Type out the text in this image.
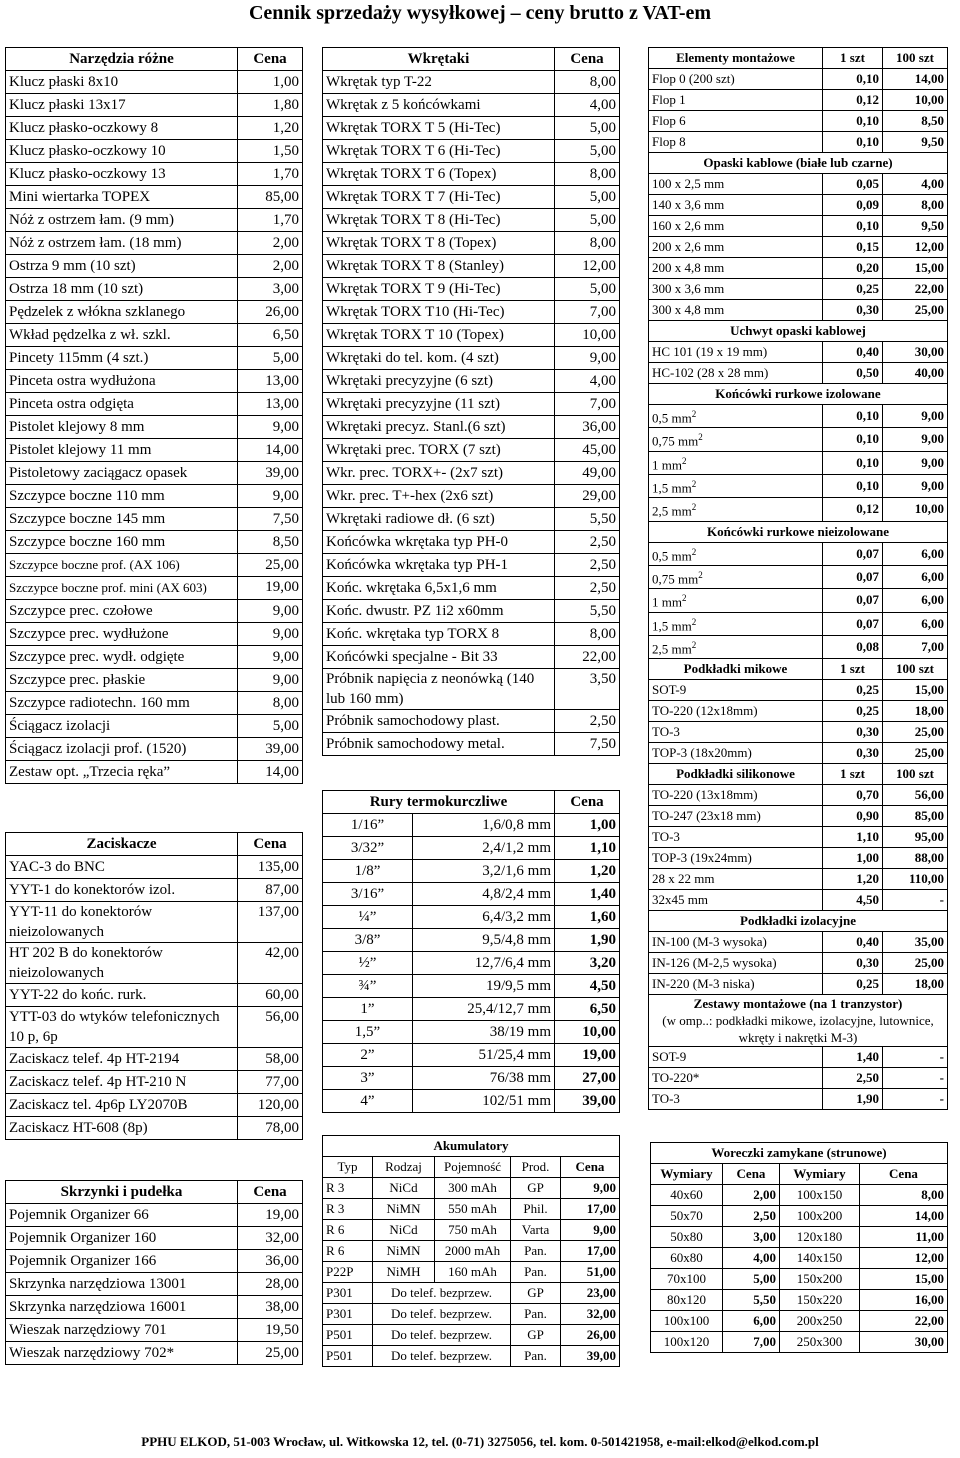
Cennik sprzedaży wysyłkowej – ceny brutto z VAT-em
Narzędzia różne	Cena
Klucz płaski 8x10	1,00
Klucz płaski 13x17	1,80
Klucz płasko-oczkowy 8	1,20
Klucz płasko-oczkowy 10	1,50
Klucz płasko-oczkowy 13	1,70
Mini wiertarka TOPEX	85,00
Nóż z ostrzem łam. (9 mm)	1,70
Nóż z ostrzem łam. (18 mm)	2,00
Ostrza 9 mm (10 szt)	2,00
Ostrza 18 mm (10 szt)	3,00
Pędzelek z włókna szklanego	26,00
Wkład pędzelka z wł. szkl.	6,50
Pincety 115mm (4 szt.)	5,00
Pinceta ostra wydłużona	13,00
Pinceta ostra odgięta	13,00
Pistolet klejowy 8 mm	9,00
Pistolet klejowy 11 mm	14,00
Pistoletowy zaciągacz opasek	39,00
Szczypce boczne 110 mm	9,00
Szczypce boczne 145 mm	7,50
Szczypce boczne 160 mm	8,50
Szczypce boczne prof. (AX 106)	25,00
Szczypce boczne prof. mini (AX 603)	19,00
Szczypce prec. czołowe	9,00
Szczypce prec. wydłużone	9,00
Szczypce prec. wydł. odgięte	9,00
Szczypce prec. płaskie	9,00
Szczypce radiotechn. 160 mm	8,00
Ściągacz izolacji	5,00
Ściągacz izolacji prof. (1520)	39,00
Zestaw opt. „Trzecia ręka”	14,00
Zaciskacze	Cena
YAC-3 do BNC	135,00
YYT-1 do konektorów izol.	87,00
YYT-11 do konektorów nieizolowanych	137,00
HT 202 B do konektorów nieizolowanych	42,00
YYT-22 do końc. rurk.	60,00
YTT-03 do wtyków telefonicznych 10 p, 6p	56,00
Zaciskacz telef. 4p HT-2194	58,00
Zaciskacz telef. 4p HT-210 N	77,00
Zaciskacz tel. 4p6p LY2070B	120,00
Zaciskacz HT-608 (8p)	78,00
Skrzynki i pudełka	Cena
Pojemnik Organizer 66	19,00
Pojemnik Organizer 160	32,00
Pojemnik Organizer 166	36,00
Skrzynka narzędziowa 13001	28,00
Skrzynka narzędziowa 16001	38,00
Wieszak narzędziowy 701	19,50
Wieszak narzędziowy 702*	25,00
Wkrętaki	Cena
Wkrętak typ T-22	8,00
Wkrętak z 5 końcówkami	4,00
Wkrętak TORX T 5 (Hi-Tec)	5,00
Wkrętak TORX T 6 (Hi-Tec)	5,00
Wkrętak TORX T 6 (Topex)	8,00
Wkrętak TORX T 7 (Hi-Tec)	5,00
Wkrętak TORX T 8 (Hi-Tec)	5,00
Wkrętak TORX T 8 (Topex)	8,00
Wkrętak TORX T 8 (Stanley)	12,00
Wkrętak TORX T 9 (Hi-Tec)	5,00
Wkrętak TORX T10 (Hi-Tec)	7,00
Wkrętak TORX T 10 (Topex)	10,00
Wkrętaki do tel. kom. (4 szt)	9,00
Wkrętaki precyzyjne (6 szt)	4,00
Wkrętaki precyzyjne (11 szt)	7,00
Wkrętaki precyz. Stanl.(6 szt)	36,00
Wkrętaki prec. TORX (7 szt)	45,00
Wkr. prec. TORX+- (2x7 szt)	49,00
Wkr. prec. T+-hex (2x6 szt)	29,00
Wkrętaki radiowe dł. (6 szt)	5,50
Końcówka wkrętaka typ PH-0	2,50
Końcówka wkrętaka typ PH-1	2,50
Końc. wkrętaka 6,5x1,6 mm	2,50
Końc. dwustr. PZ 1i2 x60mm	5,50
Końc. wkrętaka typ TORX 8	8,00
Końcówki specjalne - Bit 33	22,00
Próbnik napięcia z neonówką (140 lub 160 mm)	3,50
Próbnik samochodowy plast.	2,50
Próbnik samochodowy metal.	7,50
Rury termokurczliwe		Cena
1/16”	1,6/0,8 mm	1,00
3/32”	2,4/1,2 mm	1,10
1/8”	3,2/1,6 mm	1,20
3/16”	4,8/2,4 mm	1,40
¼”	6,4/3,2 mm	1,60
3/8”	9,5/4,8 mm	1,90
½”	12,7/6,4 mm	3,20
¾”	19/9,5 mm	4,50
1”	25,4/12,7 mm	6,50
1,5”	38/19 mm	10,00
2”	51/25,4 mm	19,00
3”	76/38 mm	27,00
4”	102/51 mm	39,00
Akumulatory				
Typ	Rodzaj	Pojemność	Prod.	Cena
R 3	NiCd	300 mAh	GP	9,00
R 3	NiMN	550 mAh	Phil.	17,00
R 6	NiCd	750 mAh	Varta	9,00
R 6	NiMN	2000 mAh	Pan.	17,00
P22P	NiMH	160 mAh	Pan.	51,00
P301	Do telef. bezprzew.		GP	23,00
P301	Do telef. bezprzew.		Pan.	32,00
P501	Do telef. bezprzew.		GP	26,00
P501	Do telef. bezprzew.		Pan.	39,00
Elementy montażowe	1 szt	100 szt
Flop 0 (200 szt)	0,10	14,00
Flop 1	0,12	10,00
Flop 6	0,10	8,50
Flop 8	0,10	9,50
Opaski kablowe (białe lub czarne)		
100 x 2,5 mm	0,05	4,00
140 x 3,6 mm	0,09	8,00
160 x 2,6 mm	0,10	9,50
200 x 2,6 mm	0,15	12,00
200 x 4,8 mm	0,20	15,00
300 x 3,6 mm	0,25	22,00
300 x 4,8 mm	0,30	25,00
Uchwyt opaski kablowej		
HC 101 (19 x 19 mm)	0,40	30,00
HC-102 (28 x 28 mm)	0,50	40,00
Końcówki rurkowe izolowane		
0,5 $mm^2$	0,10	9,00
0,75 $mm^2$	0,10	9,00
1 $mm^2$	0,10	9,00
1,5 $mm^2$	0,10	9,00
2,5 $mm^2$	0,12	10,00
Końcówki rurkowe nieizolowane		
0,5 $mm^2$	0,07	6,00
0,75 $mm^2$	0,07	6,00
1 $mm^2$	0,07	6,00
1,5 $mm^2$	0,07	6,00
2,5 $mm^2$	0,08	7,00
Podkładki mikowe	1 szt	100 szt
SOT-9	0,25	15,00
TO-220 (12x18mm)	0,25	18,00
TO-3	0,30	25,00
TOP-3 (18x20mm)	0,30	25,00
Podkładki silikonowe	1 szt	100 szt
TO-220 (13x18mm)	0,70	56,00
TO-247 (23x18 mm)	0,90	85,00
TO-3	1,10	95,00
TOP-3 (19x24mm)	1,00	88,00
28 x 22 mm	1,20	110,00
32x45 mm	4,50	-
Podkładki izolacyjne		
IN-100 (M-3 wysoka)	0,40	35,00
IN-126 (M-2,5 wysoka)	0,30	25,00
IN-220 (M-3 niska)	0,25	18,00

Zestawy montażowe (na 1 tranzystor)
(w omp..: podkładki mikowe, izolacyjne, lutownice, wkręty i nakrętki M-3)		

SOT-9	1,40	-
TO-220*	2,50	-
TO-3	1,90	-
Woreczki zamykane (strunowe)			
Wymiary	Cena	Wymiary	Cena
40x60	2,00	100x150	8,00
50x70	2,50	100x200	14,00
50x80	3,00	120x180	11,00
60x80	4,00	140x150	12,00
70x100	5,00	150x200	15,00
80x120	5,50	150x220	16,00
100x100	6,00	200x250	22,00
100x120	7,00	250x300	30,00
PPHU ELKOD, 51-003 Wrocław, ul. Witkowska 12, tel. (0-71) 3275056, tel. kom. 0-501421958, e-mail:elkod@elkod.com.pl
